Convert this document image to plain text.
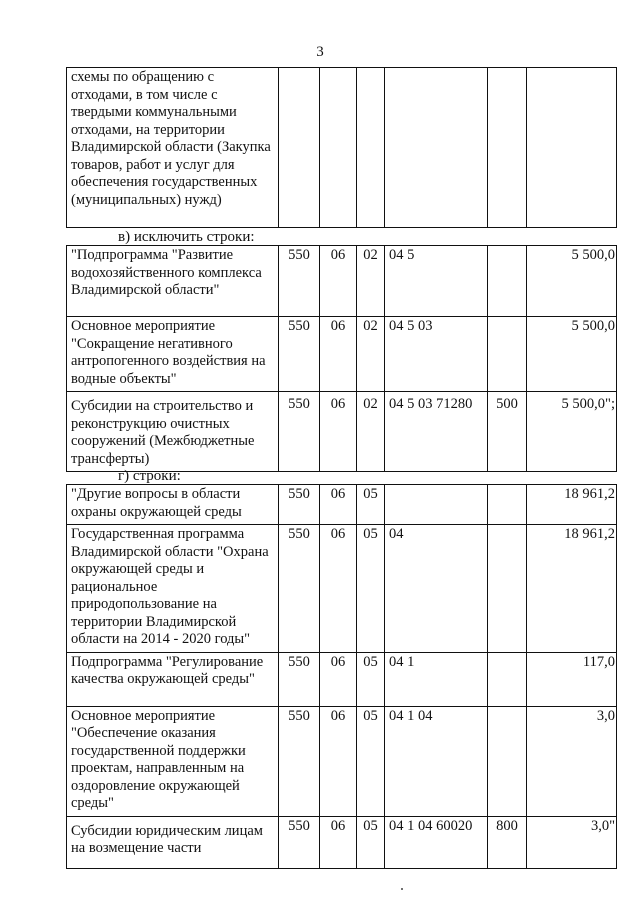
3
схемы по обращению с отходами, в том числе с твердыми коммунальными отходами, на территории Владимирской области (Закупка товаров, работ и услуг для обеспечения государственных (муниципальных) нужд)						
в) исключить строки:
"Подпрограмма "Развитие водохозяйственного комплекса Владимирской области"	550	06	02	04 5		5 500,0
Основное мероприятие "Сокращение негативного антропогенного воздействия на водные объекты"	550	06	02	04 5 03		5 500,0
Субсидии на строительство и реконструкцию очистных сооружений (Межбюджетные трансферты)	550	06	02	04 5 03 71280	500	5 500,0";
г) строки:
"Другие вопросы в области охраны окружающей среды	550	06	05			18 961,2
Государственная программа Владимирской области "Охрана окружающей среды и рациональное природопользование на территории Владимирской области на 2014 - 2020 годы"	550	06	05	04		18 961,2
Подпрограмма "Регулирование качества окружающей среды"	550	06	05	04 1		117,0
Основное мероприятие "Обеспечение оказания государственной поддержки проектам, направленным на оздоровление окружающей среды"	550	06	05	04 1 04		3,0
Субсидии юридическим лицам на возмещение части	550	06	05	04 1 04 60020	800	3,0"
